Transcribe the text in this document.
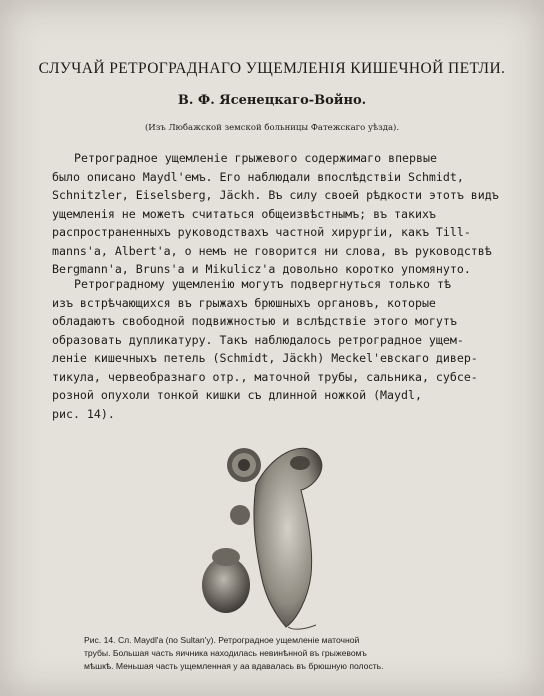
СЛУЧАЙ РЕТРОГРАДНАГО УЩЕМЛЕНІЯ КИШЕЧНОЙ ПЕТЛИ.
В. Ф. Ясенецкаго-Войно.
(Изъ Любажской земской больницы Фатежскаго уѣзда).
Ретроградное ущемленіе грыжевого содержимаго впервые
было описано Maydl'емъ. Его наблюдали впослѣдствіи Schmidt,
Schnitzler, Eiselsberg, Jäckh. Въ силу своей рѣдкости этотъ видъ
ущемленія не можетъ считаться общеизвѣстнымъ; въ такихъ
распространенныхъ руководствахъ частной хирургіи, какъ Till-
manns'a, Albert'a, о немъ не говорится ни слова, въ руководствѣ
Bergmann'a, Bruns'a и Mikulicz'a довольно коротко упомянуто.
Ретроградному ущемленію могутъ подвергнуться только тѣ
изъ встрѣчающихся въ грыжахъ брюшныхъ органовъ, которые
обладаютъ свободной подвижностью и вслѣдствіе этого могутъ
образовать дупликатуру. Такъ наблюдалось ретроградное ущем-
леніе кишечныхъ петель (Schmidt, Jäckh) Meckel'евскаго дивер-
тикула, червеобразнаго отр., маточной трубы, сальника, субсе-
розной опухоли тонкой кишки съ длинной ножкой (Maydl,
рис. 14).
Рис. 14. Сл. Maydl'a (по Sultan'y). Ретроградное ущемленіе маточной
трубы. Большая часть яичника находилась невинѣнной въ грыжевомъ
мѣшкѣ. Меньшая часть ущемленная у aa вдавалась въ брюшную полость.
